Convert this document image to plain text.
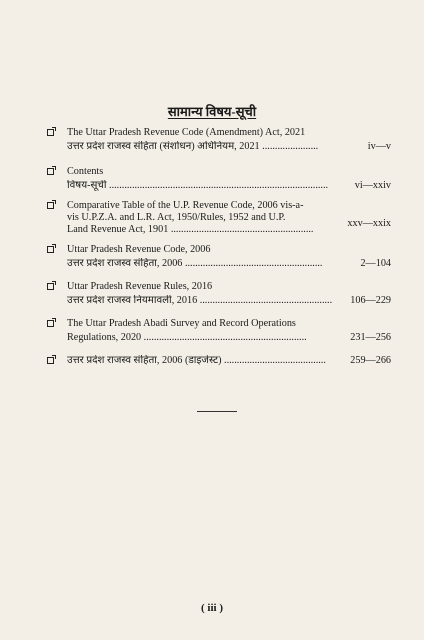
सामान्य विषय-सूची
The Uttar Pradesh Revenue Code (Amendment) Act, 2021
उत्तर प्रदेश राजस्व संहिता (संशोधन) अधिनियम, 2021 ......................	iv—v
Contents
विषय-सूची ......................................................................................	vi—xxiv
Comparative Table of the U.P. Revenue Code, 2006 vis-a-
vis U.P.Z.A. and L.R. Act, 1950/Rules, 1952 and U.P.
Land Revenue Act, 1901 ........................................................
xxv—xxix
Uttar Pradesh Revenue Code, 2006
उत्तर प्रदेश राजस्व संहिता, 2006 ......................................................	2—104
Uttar Pradesh Revenue Rules, 2016
उत्तर प्रदेश राजस्व नियमावली, 2016 ....................................................	106—229
The Uttar Pradesh Abadi Survey and Record Operations
Regulations, 2020 ................................................................	231—256
उत्तर प्रदेश राजस्व संहिता, 2006 (डाइजेस्ट) ........................................	259—266
( iii )
